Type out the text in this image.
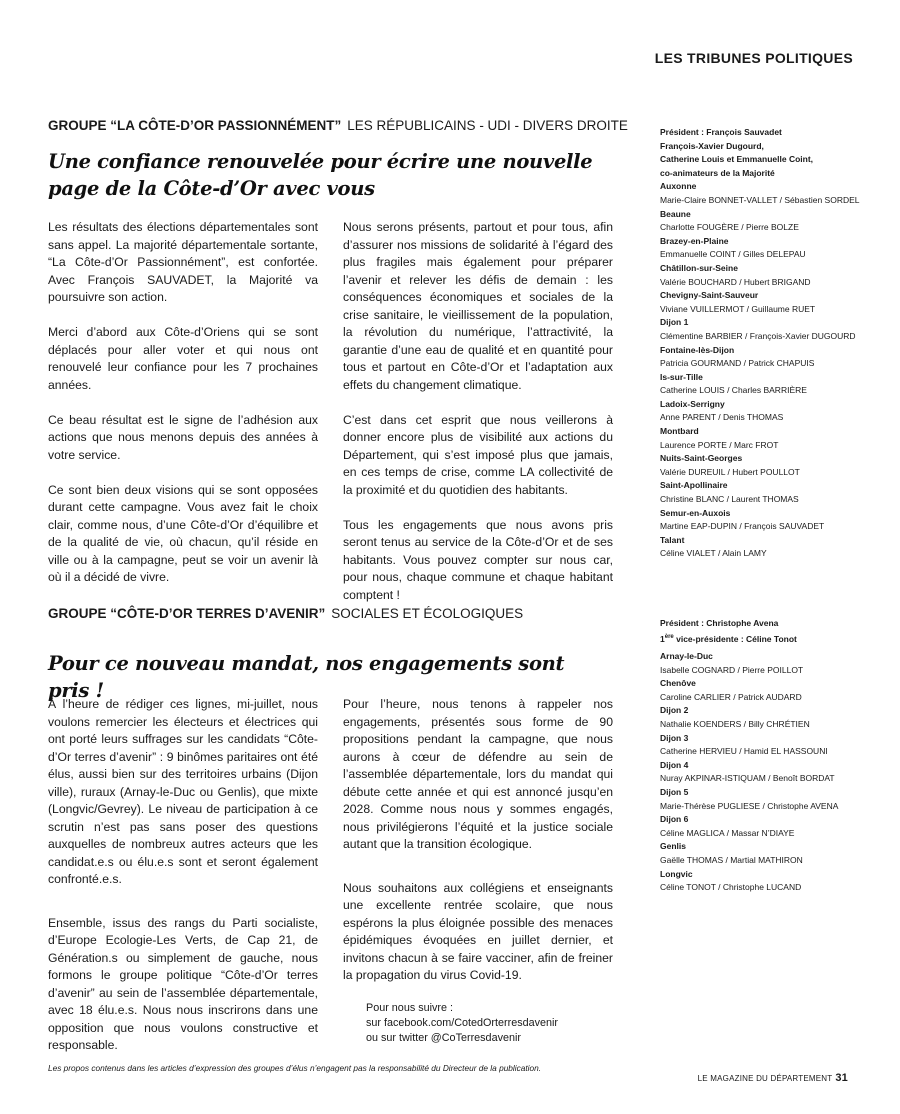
LES TRIBUNES POLITIQUES
GROUPE “LA CÔTE-D’OR PASSIONNÉMENT” LES RÉPUBLICAINS - UDI - DIVERS DROITE
Une confiance renouvelée pour écrire une nouvelle page de la Côte-d’Or avec vous

Les résultats des élections départementales sont sans appel. La majorité départementale sortante, “La Côte-d’Or Passionnément”, est confortée. Avec François SAUVADET, la Majorité va poursuivre son action.

Merci d’abord aux Côte-d’Oriens qui se sont déplacés pour aller voter et qui nous ont renouvelé leur confiance pour les 7 prochaines années.

Ce beau résultat est le signe de l’adhésion aux actions que nous menons depuis des années à votre service.

Ce sont bien deux visions qui se sont opposées durant cette campagne. Vous avez fait le choix clair, comme nous, d’une Côte-d’Or d’équilibre et de la qualité de vie, où chacun, qu’il réside en ville ou à la campagne, peut se voir un avenir là où il a décidé de vivre.

Nous serons présents, partout et pour tous, afin d’assurer nos missions de solidarité à l’égard des plus fragiles mais également pour préparer l’avenir et relever les défis de demain : les conséquences économiques et sociales de la crise sanitaire, le vieillissement de la population, la révolution du numérique, l’attractivité, la garantie d’une eau de qualité et en quantité pour tous et partout en Côte-d’Or et l’adaptation aux effets du changement climatique.

C’est dans cet esprit que nous veillerons à donner encore plus de visibilité aux actions du Département, qui s’est imposé plus que jamais, en ces temps de crise, comme LA collectivité de la proximité et du quotidien des habitants.

Tous les engagements que nous avons pris seront tenus au service de la Côte-d’Or et de ses habitants. Vous pouvez compter sur nous car, pour nous, chaque commune et chaque habitant comptent !

Président : François Sauvadet
François-Xavier Dugourd,
Catherine Louis et Emmanuelle Coint,
co-animateurs de la Majorité
Auxonne
Marie-Claire BONNET-VALLET / Sébastien SORDEL
Beaune
Charlotte FOUGÈRE / Pierre BOLZE
Brazey-en-Plaine
Emmanuelle COINT / Gilles DELEPAU
Châtillon-sur-Seine
Valérie BOUCHARD / Hubert BRIGAND
Chevigny-Saint-Sauveur
Viviane VUILLERMOT / Guillaume RUET
Dijon 1
Clémentine BARBIER / François-Xavier DUGOURD
Fontaine-lès-Dijon
Patricia GOURMAND / Patrick CHAPUIS
Is-sur-Tille
Catherine LOUIS / Charles BARRIÈRE
Ladoix-Serrigny
Anne PARENT / Denis THOMAS
Montbard
Laurence PORTE / Marc FROT
Nuits-Saint-Georges
Valérie DUREUIL / Hubert POULLOT
Saint-Apollinaire
Christine BLANC / Laurent THOMAS
Semur-en-Auxois
Martine EAP-DUPIN / François SAUVADET
Talant
Céline VIALET / Alain LAMY
GROUPE “CÔTE-D’OR TERRES D’AVENIR” SOCIALES ET ÉCOLOGIQUES
Pour ce nouveau mandat, nos engagements sont pris !

À l’heure de rédiger ces lignes, mi-juillet, nous voulons remercier les électeurs et électrices qui ont porté leurs suffrages sur les candidats “Côte-d’Or terres d’avenir” : 9 binômes paritaires ont été élus, aussi bien sur des territoires urbains (Dijon ville), ruraux (Arnay-le-Duc ou Genlis), que mixte (Longvic/Gevrey). Le niveau de participation à ce scrutin n’est pas sans poser des questions auxquelles de nombreux autres acteurs que les candidat.e.s ou élu.e.s sont et seront également confronté.e.s.

Ensemble, issus des rangs du Parti socialiste, d’Europe Ecologie-Les Verts, de Cap 21, de Génération.s ou simplement de gauche, nous formons le groupe politique “Côte-d’Or terres d’avenir” au sein de l’assemblée départementale, avec 18 élu.e.s. Nous nous inscrirons dans une opposition que nous voulons constructive et responsable.

Pour l’heure, nous tenons à rappeler nos engagements, présentés sous forme de 90 propositions pendant la campagne, que nous aurons à cœur de défendre au sein de l’assemblée départementale, lors du mandat qui débute cette année et qui est annoncé jusqu’en 2028. Comme nous nous y sommes engagés, nous privilégierons l’équité et la justice sociale autant que la transition écologique.

Nous souhaitons aux collégiens et enseignants une excellente rentrée scolaire, que nous espérons la plus éloignée possible des menaces épidémiques évoquées en juillet dernier, et invitons chacun à se faire vacciner, afin de freiner la propagation du virus Covid-19.

Pour nous suivre :
sur facebook.com/CotedOrterresdavenir
ou sur twitter @CoTerresdavenir
Président : Christophe Avena
1ère vice-présidente : Céline Tonot
Arnay-le-Duc
Isabelle COGNARD / Pierre POILLOT
Chenôve
Caroline CARLIER / Patrick AUDARD
Dijon 2
Nathalie KOENDERS / Billy CHRÉTIEN
Dijon 3
Catherine HERVIEU / Hamid EL HASSOUNI
Dijon 4
Nuray AKPINAR-ISTIQUAM / Benoît BORDAT
Dijon 5
Marie-Thérèse PUGLIESE / Christophe AVENA
Dijon 6
Céline MAGLICA / Massar N’DIAYE
Genlis
Gaëlle THOMAS / Martial MATHIRON
Longvic
Céline TONOT / Christophe LUCAND
Les propos contenus dans les articles d’expression des groupes d’élus n’engagent pas la responsabilité du Directeur de la publication.
LE MAGAZINE DU DÉPARTEMENT 31
